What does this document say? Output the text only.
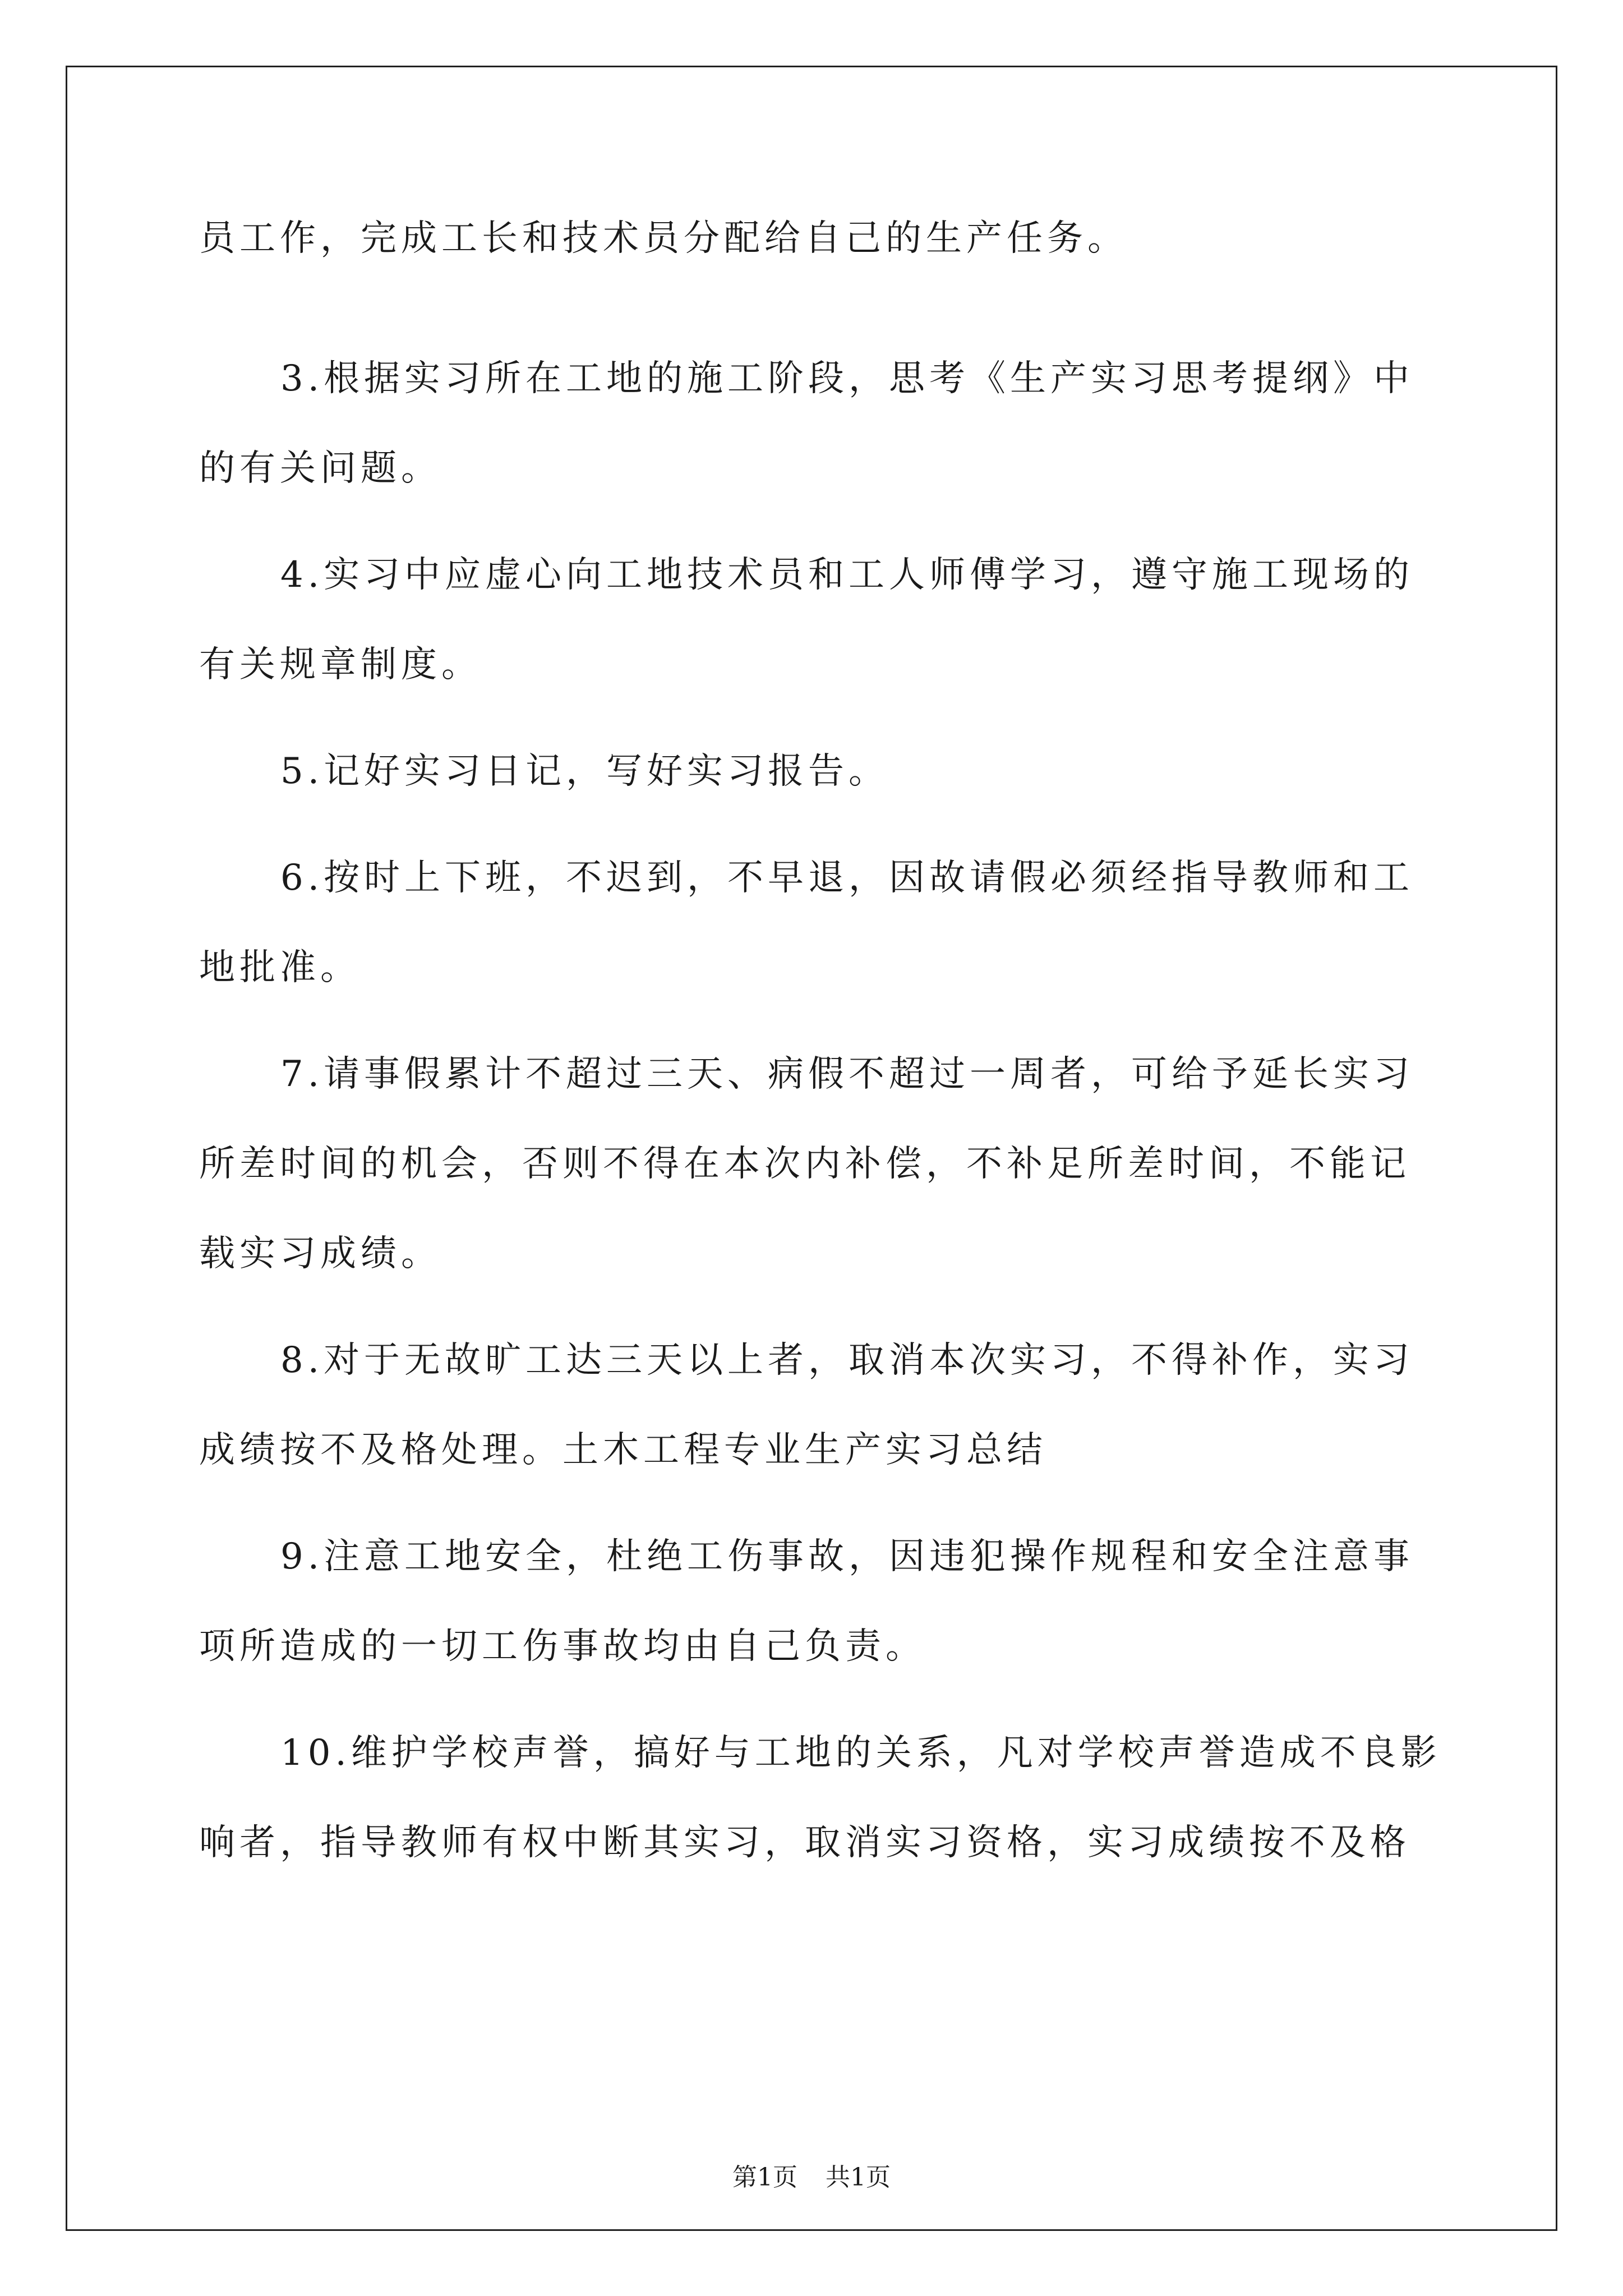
员工作，完成工长和技术员分配给自己的生产任务。
3.根据实习所在工地的施工阶段，思考《生产实习思考提纲》中
的有关问题。
4.实习中应虚心向工地技术员和工人师傅学习，遵守施工现场的
有关规章制度。
5.记好实习日记，写好实习报告。
6.按时上下班，不迟到，不早退，因故请假必须经指导教师和工
地批准。
7.请事假累计不超过三天、病假不超过一周者，可给予延长实习
所差时间的机会，否则不得在本次内补偿，不补足所差时间，不能记
载实习成绩。
8.对于无故旷工达三天以上者，取消本次实习，不得补作，实习
成绩按不及格处理。土木工程专业生产实习总结
9.注意工地安全，杜绝工伤事故，因违犯操作规程和安全注意事
项所造成的一切工伤事故均由自己负责。
10.维护学校声誉，搞好与工地的关系，凡对学校声誉造成不良影
响者，指导教师有权中断其实习，取消实习资格，实习成绩按不及格
第1页 共1页
